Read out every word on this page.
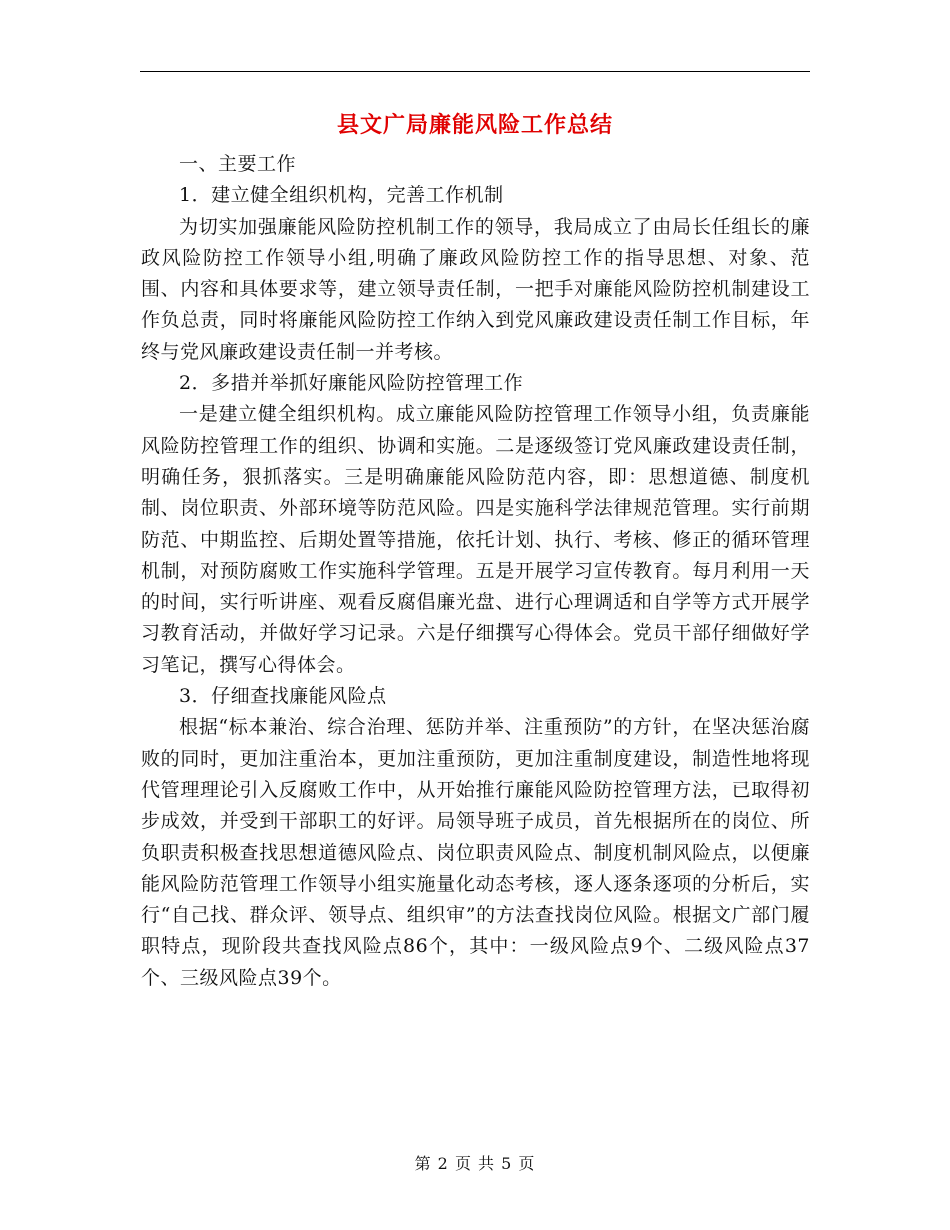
县文广局廉能风险工作总结

一、主要工作

1．建立健全组织机构，完善工作机制

为切实加强廉能风险防控机制工作的领导，我局成立了由局长任组长的廉政风险防控工作领导小组,明确了廉政风险防控工作的指导思想、对象、范围、内容和具体要求等，建立领导责任制，一把手对廉能风险防控机制建设工作负总责，同时将廉能风险防控工作纳入到党风廉政建设责任制工作目标，年终与党风廉政建设责任制一并考核。

2．多措并举抓好廉能风险防控管理工作

一是建立健全组织机构。成立廉能风险防控管理工作领导小组，负责廉能风险防控管理工作的组织、协调和实施。二是逐级签订党风廉政建设责任制，明确任务，狠抓落实。三是明确廉能风险防范内容，即：思想道德、制度机制、岗位职责、外部环境等防范风险。四是实施科学法律规范管理。实行前期防范、中期监控、后期处置等措施，依托计划、执行、考核、修正的循环管理机制，对预防腐败工作实施科学管理。五是开展学习宣传教育。每月利用一天的时间，实行听讲座、观看反腐倡廉光盘、进行心理调适和自学等方式开展学习教育活动，并做好学习记录。六是仔细撰写心得体会。党员干部仔细做好学习笔记，撰写心得体会。

3．仔细查找廉能风险点

根据“标本兼治、综合治理、惩防并举、注重预防”的方针，在坚决惩治腐败的同时，更加注重治本，更加注重预防，更加注重制度建设，制造性地将现代管理理论引入反腐败工作中，从开始推行廉能风险防控管理方法，已取得初步成效，并受到干部职工的好评。局领导班子成员，首先根据所在的岗位、所负职责积极查找思想道德风险点、岗位职责风险点、制度机制风险点，以便廉能风险防范管理工作领导小组实施量化动态考核，逐人逐条逐项的分析后，实行“自己找、群众评、领导点、组织审”的方法查找岗位风险。根据文广部门履职特点，现阶段共查找风险点86个，其中：一级风险点9个、二级风险点37个、三级风险点39个。

第 2 页 共 5 页
